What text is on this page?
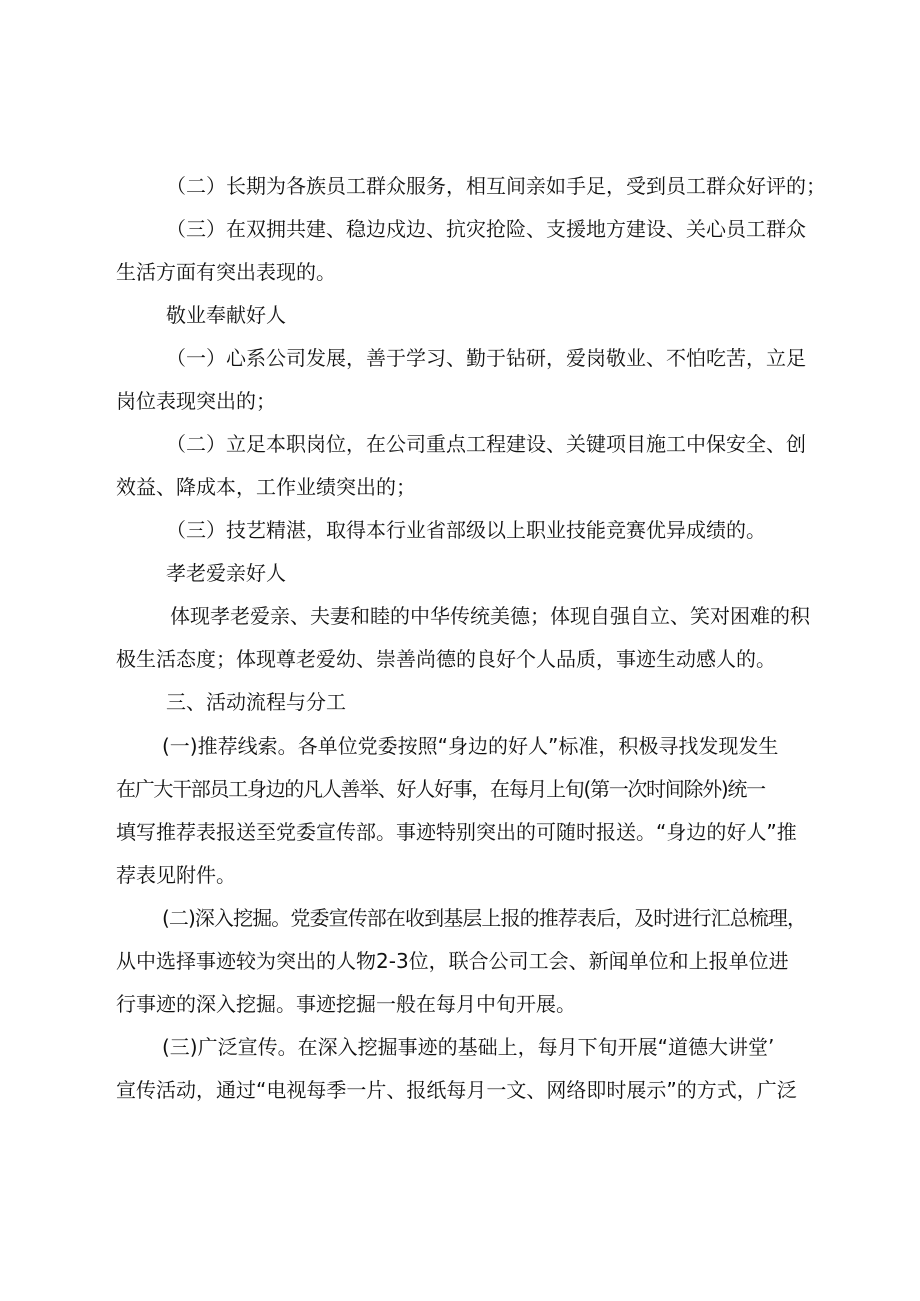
（二）长期为各族员工群众服务，相互间亲如手足，受到员工群众好评的；

（三）在双拥共建、稳边戍边、抗灾抢险、支援地方建设、关心员工群众

生活方面有突出表现的。

敬业奉献好人

（一）心系公司发展，善于学习、勤于钻研，爱岗敬业、不怕吃苦，立足

岗位表现突出的；

（二）立足本职岗位，在公司重点工程建设、关键项目施工中保安全、创

效益、降成本，工作业绩突出的；

（三）技艺精湛，取得本行业省部级以上职业技能竞赛优异成绩的。

孝老爱亲好人

体现孝老爱亲、夫妻和睦的中华传统美德；体现自强自立、笑对困难的积

极生活态度；体现尊老爱幼、崇善尚德的良好个人品质，事迹生动感人的。

三、活动流程与分工

(一)推荐线索。各单位党委按照“身边的好人”标准，积极寻找发现发生

在广大干部员工身边的凡人善举、好人好事，在每月上旬(第一次时间除外)统一

填写推荐表报送至党委宣传部。事迹特别突出的可随时报送。“身边的好人”推

荐表见附件。

(二)深入挖掘。党委宣传部在收到基层上报的推荐表后，及时进行汇总梳理，

从中选择事迹较为突出的人物2-3位，联合公司工会、新闻单位和上报单位进

行事迹的深入挖掘。事迹挖掘一般在每月中旬开展。

(三)广泛宣传。在深入挖掘事迹的基础上，每月下旬开展“道德大讲堂’

宣传活动，通过“电视每季一片、报纸每月一文、网络即时展示”的方式，广泛
